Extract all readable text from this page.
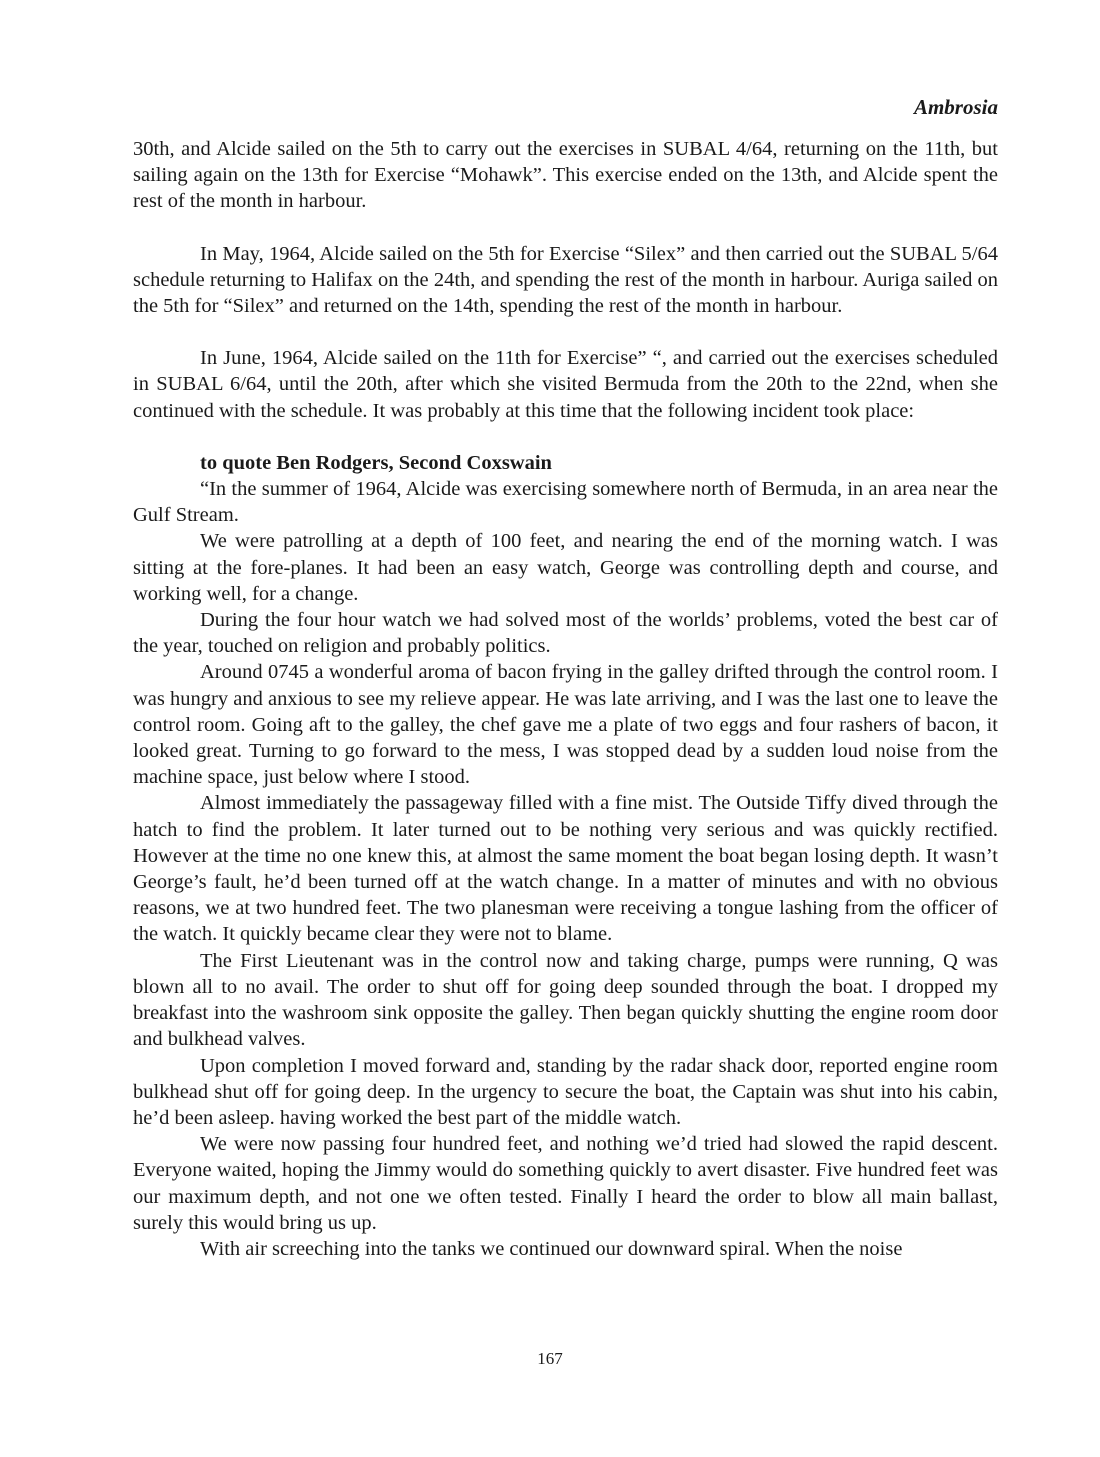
Ambrosia

30th, and Alcide sailed on the 5th to carry out the exercises in SUBAL 4/64, returning on the 11th, but sailing again on the 13th for Exercise “Mohawk”. This exercise ended on the 13th, and Alcide spent the rest of the month in harbour.

In May, 1964, Alcide sailed on the 5th for Exercise “Silex” and then carried out the SUBAL 5/64 schedule returning to Halifax on the 24th, and spending the rest of the month in harbour. Auriga sailed on the 5th for “Silex” and returned on the 14th, spending the rest of the month in harbour.

In June, 1964, Alcide sailed on the 11th for Exercise” “, and carried out the exercises scheduled in SUBAL 6/64, until the 20th, after which she visited Bermuda from the 20th to the 22nd, when she continued with the schedule. It was probably at this time that the following incident took place:

to quote Ben Rodgers, Second Coxswain

“In the summer of 1964, Alcide was exercising somewhere north of Bermuda, in an area near the Gulf Stream.

We were patrolling at a depth of 100 feet, and nearing the end of the morning watch. I was sitting at the fore-planes. It had been an easy watch, George was controlling depth and course, and working well, for a change.

During the four hour watch we had solved most of the worlds’ problems, voted the best car of the year, touched on religion and probably politics.

Around 0745 a wonderful aroma of bacon frying in the galley drifted through the control room. I was hungry and anxious to see my relieve appear. He was late arriving, and I was the last one to leave the control room. Going aft to the galley, the chef gave me a plate of two eggs and four rashers of bacon, it looked great. Turning to go forward to the mess, I was stopped dead by a sudden loud noise from the machine space, just below where I stood.

Almost immediately the passageway filled with a fine mist. The Outside Tiffy dived through the hatch to find the problem. It later turned out to be nothing very serious and was quickly rectified. However at the time no one knew this, at almost the same moment the boat began losing depth. It wasn’t George’s fault, he’d been turned off at the watch change. In a matter of minutes and with no obvious reasons, we at two hundred feet. The two planesman were receiving a tongue lashing from the officer of the watch. It quickly became clear they were not to blame.

The First Lieutenant was in the control now and taking charge, pumps were running, Q was blown all to no avail. The order to shut off for going deep sounded through the boat. I dropped my breakfast into the washroom sink opposite the galley. Then began quickly shutting the engine room door and bulkhead valves.

Upon completion I moved forward and, standing by the radar shack door, reported engine room bulkhead shut off for going deep. In the urgency to secure the boat, the Captain was shut into his cabin, he’d been asleep. having worked the best part of the middle watch.

We were now passing four hundred feet, and nothing we’d tried had slowed the rapid descent. Everyone waited, hoping the Jimmy would do something quickly to avert disaster. Five hundred feet was our maximum depth, and not one we often tested. Finally I heard the order to blow all main ballast, surely this would bring us up.

With air screeching into the tanks we continued our downward spiral. When the noise

167
